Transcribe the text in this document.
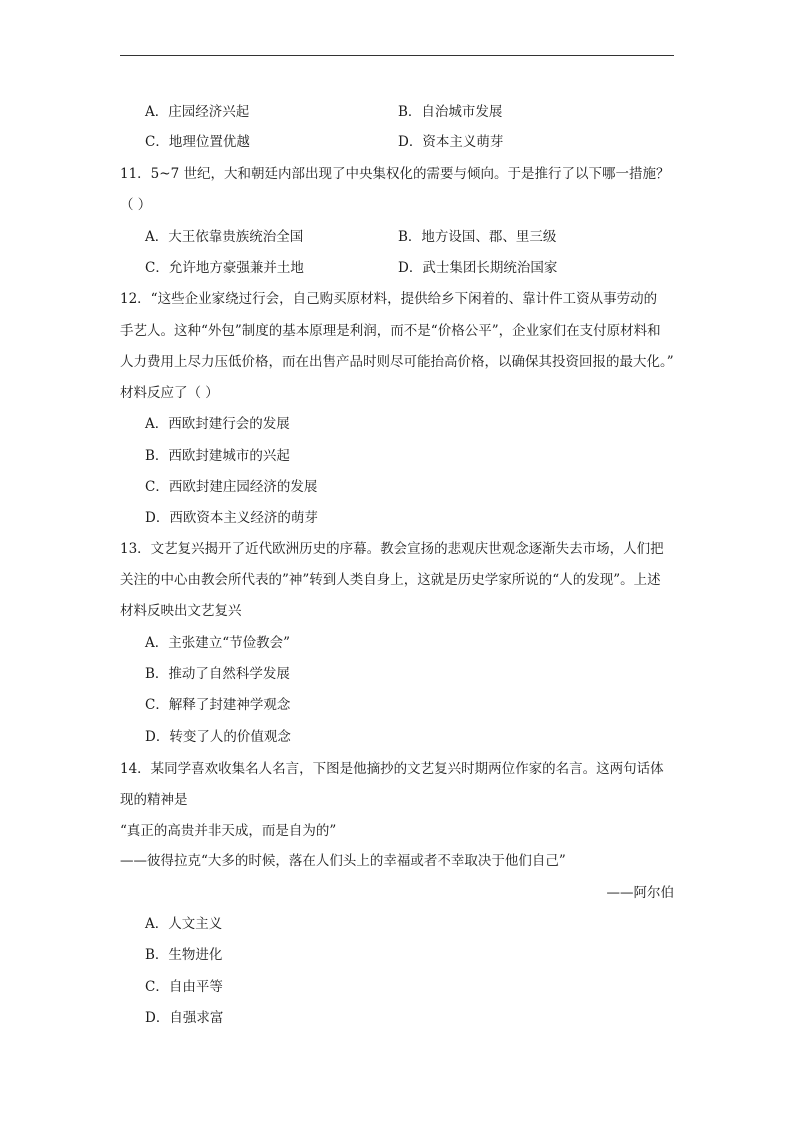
A．庄园经济兴起	B．自治城市发展
C．地理位置优越	D．资本主义萌芽
11．5~7 世纪，大和朝廷内部出现了中央集权化的需要与倾向。于是推行了以下哪一措施？
（ ）
A．大王依靠贵族统治全国	B．地方设国、郡、里三级
C．允许地方豪强兼并土地	D．武士集团长期统治国家
12．“这些企业家绕过行会，自己购买原材料，提供给乡下闲着的、靠计件工资从事劳动的
手艺人。这种“外包”制度的基本原理是利润，而不是“价格公平”，企业家们在支付原材料和
人力费用上尽力压低价格，而在出售产品时则尽可能抬高价格，以确保其投资回报的最大化。”
材料反应了（ ）
A．西欧封建行会的发展
B．西欧封建城市的兴起
C．西欧封建庄园经济的发展
D．西欧资本主义经济的萌芽
13．文艺复兴揭开了近代欧洲历史的序幕。教会宣扬的悲观庆世观念逐渐失去市场，人们把
关注的中心由教会所代表的”神”转到人类自身上，这就是历史学家所说的“人的发现”。上述
材料反映出文艺复兴
A．主张建立“节俭教会”
B．推动了自然科学发展
C．解释了封建神学观念
D．转变了人的价值观念
14．某同学喜欢收集名人名言，下图是他摘抄的文艺复兴时期两位作家的名言。这两句话体
现的精神是
“真正的高贵并非天成，而是自为的”
——彼得拉克“大多的时候，落在人们头上的幸福或者不幸取决于他们自己”
——阿尔伯
A．人文主义
B．生物进化
C．自由平等
D．自强求富
